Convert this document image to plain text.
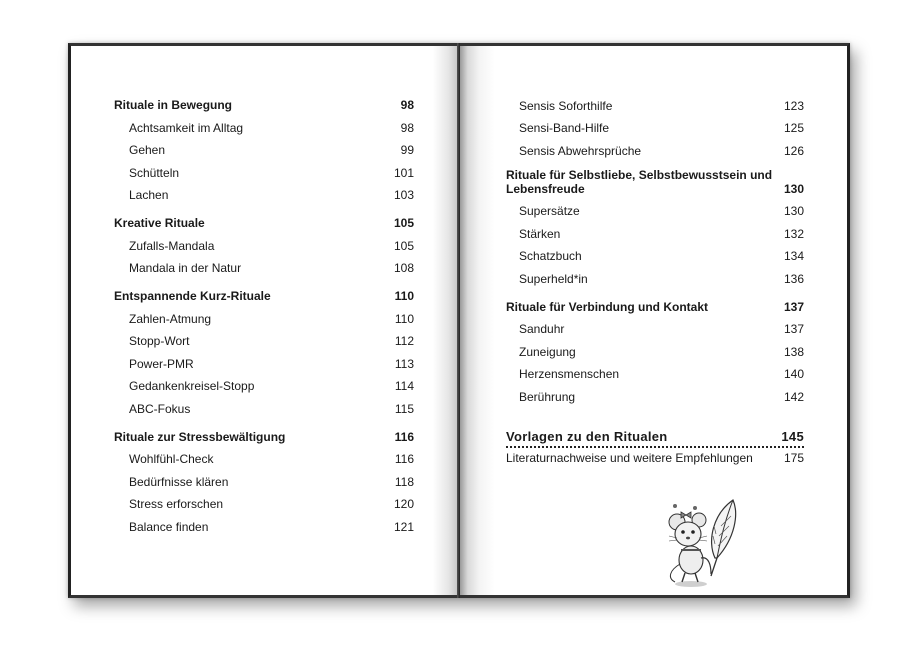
Rituale in Bewegung	98
Achtsamkeit im Alltag	98
Gehen	99
Schütteln	101
Lachen	103
Kreative Rituale	105
Zufalls-Mandala	105
Mandala in der Natur	108
Entspannende Kurz-Rituale	110
Zahlen-Atmung	110
Stopp-Wort	112
Power-PMR	113
Gedankenkreisel-Stopp	114
ABC-Fokus	115
Rituale zur Stressbewältigung	116
Wohlfühl-Check	116
Bedürfnisse klären	118
Stress erforschen	120
Balance finden	121
Sensis Soforthilfe	123
Sensi-Band-Hilfe	125
Sensis Abwehrsprüche	126
Rituale für Selbstliebe, Selbstbewusstsein und Lebensfreude	130
Supersätze	130
Stärken	132
Schatzbuch	134
Superheld*in	136
Rituale für Verbindung und Kontakt	137
Sanduhr	137
Zuneigung	138
Herzensmenschen	140
Berührung	142
Vorlagen zu den Ritualen	145
Literaturnachweise und weitere Empfehlungen	175
